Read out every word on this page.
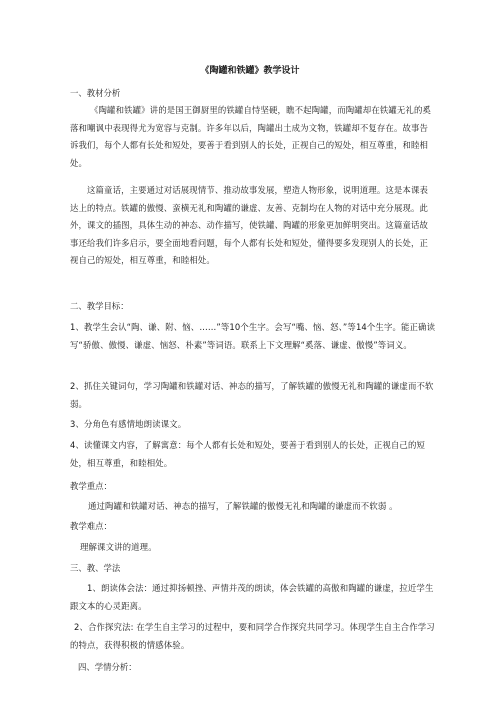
《陶罐和铁罐》教学设计
一、教材分析

《陶罐和铁罐》讲的是国王御厨里的铁罐自恃坚硬，瞧不起陶罐，而陶罐却在铁罐无礼的奚落和嘲讽中表现得尤为宽容与克制。许多年以后，陶罐出土成为文物，铁罐却不复存在。故事告诉我们，每个人都有长处和短处，要善于看到别人的长处，正视自己的短处，相互尊重，和睦相处。

这篇童话，主要通过对话展现情节、推动故事发展，塑造人物形象，说明道理。这是本课表达上的特点。铁罐的傲慢、蛮横无礼和陶罐的谦虚、友善、克制均在人物的对话中充分展现。此外，课文的插图，具体生动的神态、动作描写，使铁罐、陶罐的形象更加鲜明突出。这篇童话故事还给我们许多启示，要全面地看问题，每个人都有长处和短处，懂得要多发现别人的长处，正视自己的短处，相互尊重，和睦相处。

二、教学目标：

1、教学生会认“陶、谦、附、恼、……”等10个生字。会写“嘴、恼、怒、”等14个生字。能正确读写“骄傲、傲慢、谦虚、恼怒、朴素”等词语。联系上下文理解“奚落、谦虚、傲慢”等词义。

2、抓住关键词句，学习陶罐和铁罐对话、神态的描写，了解铁罐的傲慢无礼和陶罐的谦虚而不软弱。

3、分角色有感情地朗读课文。

4、读懂课文内容，了解寓意：每个人都有长处和短处，要善于看到别人的长处，正视自己的短处，相互尊重，和睦相处。

教学重点：

通过陶罐和铁罐对话、神态的描写，了解铁罐的傲慢无礼和陶罐的谦虚而不软弱 。

教学难点：

理解课文讲的道理。

三、教、学法

1、朗读体会法：通过抑扬顿挫、声情并茂的朗读，体会铁罐的高傲和陶罐的谦虚，拉近学生跟文本的心灵距离。

2、合作探究法: 在学生自主学习的过程中，要和同学合作探究共同学习。体现学生自主合作学习的特点，获得积极的情感体验。

四、学情分析：
